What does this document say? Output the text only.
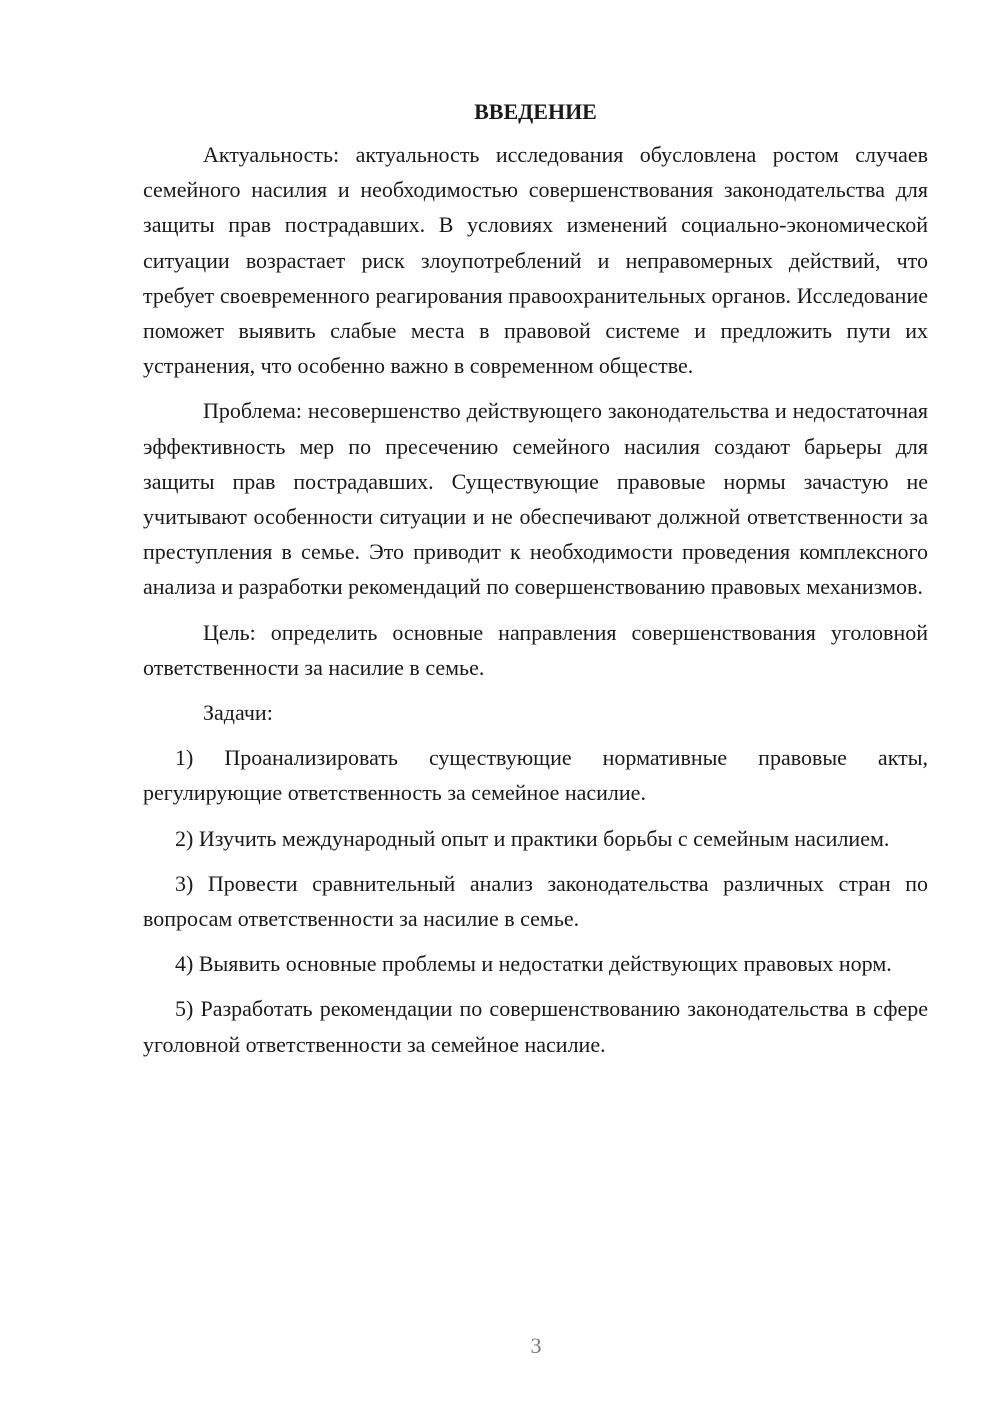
ВВЕДЕНИЕ

Актуальность: актуальность исследования обусловлена ростом случаев семейного насилия и необходимостью совершенствования законодательства для защиты прав пострадавших. В условиях изменений социально-экономической ситуации возрастает риск злоупотреблений и неправомерных действий, что требует своевременного реагирования правоохранительных органов. Исследование поможет выявить слабые места в правовой системе и предложить пути их устранения, что особенно важно в современном обществе.

Проблема: несовершенство действующего законодательства и недостаточная эффективность мер по пресечению семейного насилия создают барьеры для защиты прав пострадавших. Существующие правовые нормы зачастую не учитывают особенности ситуации и не обеспечивают должной ответственности за преступления в семье. Это приводит к необходимости проведения комплексного анализа и разработки рекомендаций по совершенствованию правовых механизмов.

Цель: определить основные направления совершенствования уголовной ответственности за насилие в семье.

Задачи:

1) Проанализировать существующие нормативные правовые акты, регулирующие ответственность за семейное насилие.

2) Изучить международный опыт и практики борьбы с семейным насилием.

3) Провести сравнительный анализ законодательства различных стран по вопросам ответственности за насилие в семье.

4) Выявить основные проблемы и недостатки действующих правовых норм.

5) Разработать рекомендации по совершенствованию законодательства в сфере уголовной ответственности за семейное насилие.

3
